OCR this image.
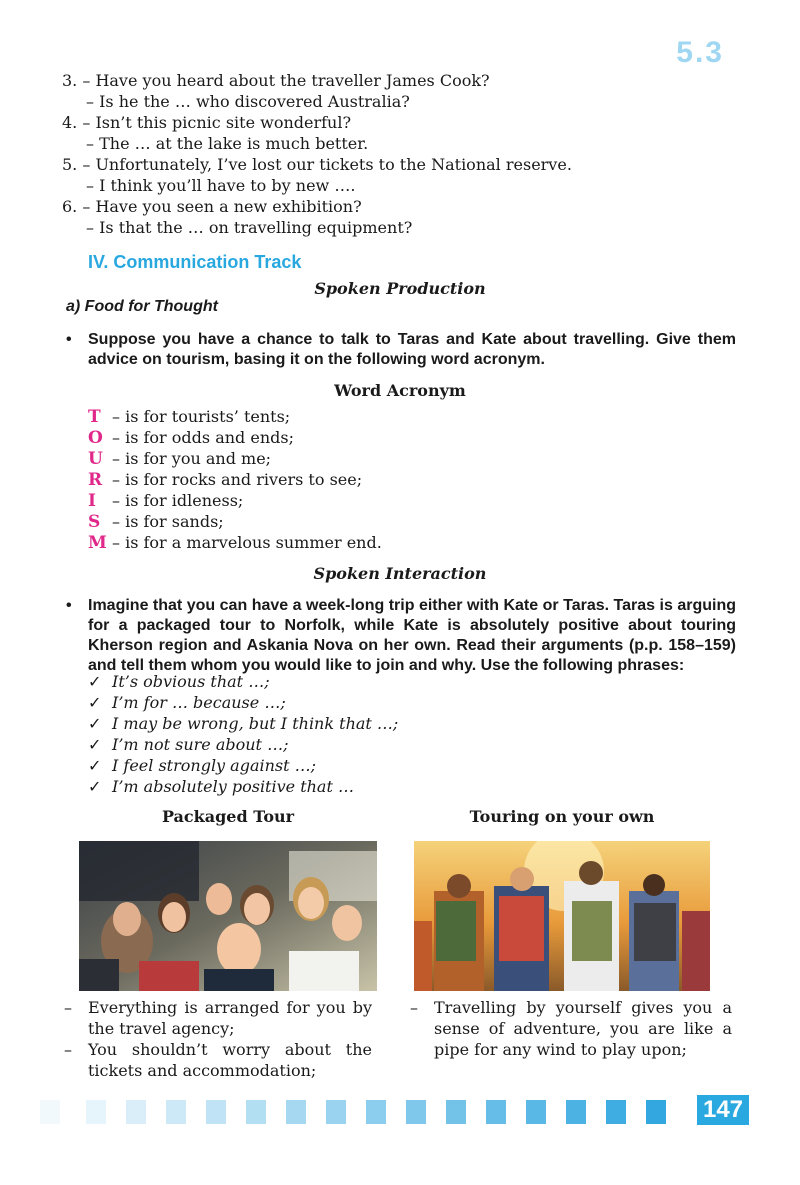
5.3
3. – Have you heard about the traveller James Cook?
– Is he the … who discovered Australia?
4. – Isn’t this picnic site wonderful?
– The … at the lake is much better.
5. – Unfortunately, I’ve lost our tickets to the National reserve.
– I think you’ll have to by new ….
6. – Have you seen a new exhibition?
– Is that the … on travelling equipment?
IV. Communication Track
Spoken Production
a) Food for Thought
• Suppose you have a chance to talk to Taras and Kate about travelling. Give them advice on tourism, basing it on the following word acronym.
Word Acronym
T – is for tourists’ tents;
O – is for odds and ends;
U – is for you and me;
R – is for rocks and rivers to see;
I – is for idleness;
S – is for sands;
M – is for a marvelous summer end.
Spoken Interaction
• Imagine that you can have a week-long trip either with Kate or Taras. Taras is arguing for a packaged tour to Norfolk, while Kate is absolutely positive about touring Kherson region and Askania Nova on her own. Read their arguments (p.p. 158–159) and tell them whom you would like to join and why. Use the following phrases:
✓ It’s obvious that …;
✓ I’m for … because …;
✓ I may be wrong, but I think that …;
✓ I’m not sure about …;
✓ I feel strongly against …;
✓ I’m absolutely positive that …
Packaged Tour	Touring on your own
– Everything is arranged for you by the travel agency;
– You shouldn’t worry about the tickets and accommodation;
– Travelling by yourself gives you a sense of adventure, you are like a pipe for any wind to play upon;
147
